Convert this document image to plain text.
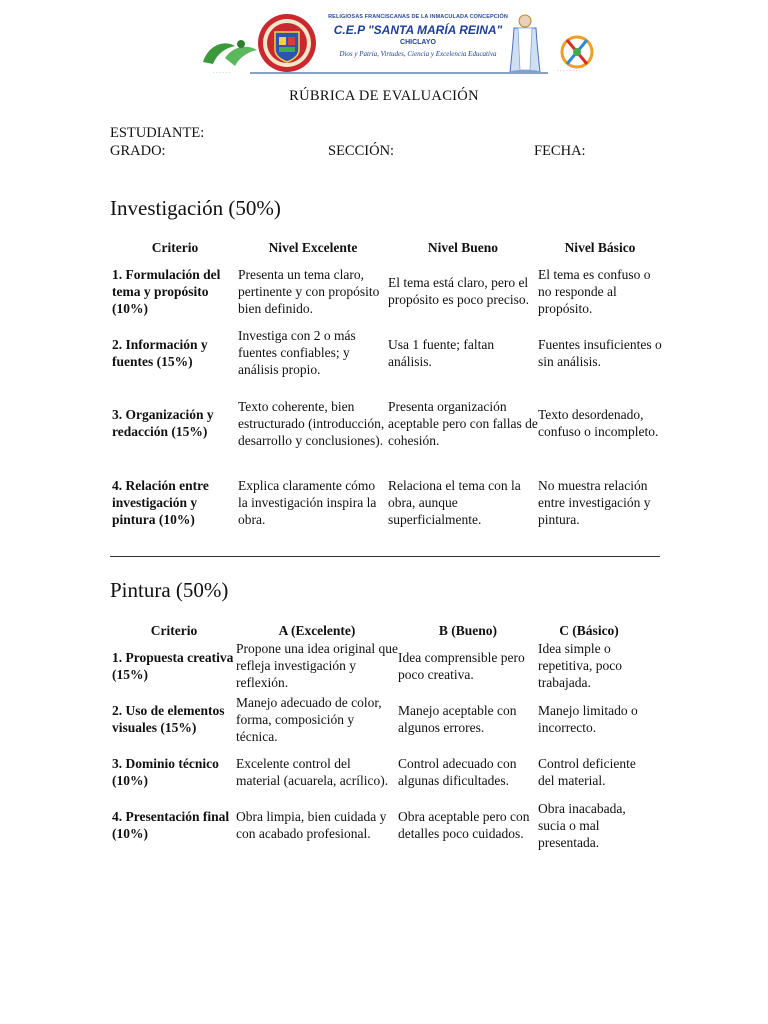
· · · · · ·	· · · · · · · ·
RELIGIOSAS FRANCISCANAS DE LA INMACULADA CONCEPCIÓN
C.E.P "SANTA MARÍA REINA"
CHICLAYO
Dios y Patria, Virtudes, Ciencia y Excelencia Educativa
RÚBRICA DE EVALUACIÓN
ESTUDIANTE:
GRADO:	SECCIÓN:	FECHA:
Investigación (50%)
Criterio	Nivel Excelente	Nivel Bueno	Nivel Básico
1. Formulación del tema y propósito (10%)	Presenta un tema claro, pertinente y con propósito bien definido.	El tema está claro, pero el propósito es poco preciso.	El tema es confuso o no responde al propósito.
2. Información y fuentes (15%)	Investiga con 2 o más fuentes confiables; y análisis propio.	Usa 1 fuente; faltan análisis.	Fuentes insuficientes o sin análisis.
3. Organización y redacción (15%)	Texto coherente, bien estructurado (introducción, desarrollo y conclusiones).	Presenta organización aceptable pero con fallas de cohesión.	Texto desordenado, confuso o incompleto.
4. Relación entre investigación y pintura (10%)	Explica claramente cómo la investigación inspira la obra.	Relaciona el tema con la obra, aunque superficialmente.	No muestra relación entre investigación y pintura.
Pintura (50%)
Criterio	A (Excelente)	B (Bueno)	C (Básico)
1. Propuesta creativa (15%)	Propone una idea original que refleja investigación y reflexión.	Idea comprensible pero poco creativa.	Idea simple o repetitiva, poco trabajada.
2. Uso de elementos visuales (15%)	Manejo adecuado de color, forma, composición y técnica.	Manejo aceptable con algunos errores.	Manejo limitado o incorrecto.
3. Dominio técnico (10%)	Excelente control del material (acuarela, acrílico).	Control adecuado con algunas dificultades.	Control deficiente del material.
4. Presentación final (10%)	Obra limpia, bien cuidada y con acabado profesional.	Obra aceptable pero con detalles poco cuidados.	Obra inacabada, sucia o mal presentada.
